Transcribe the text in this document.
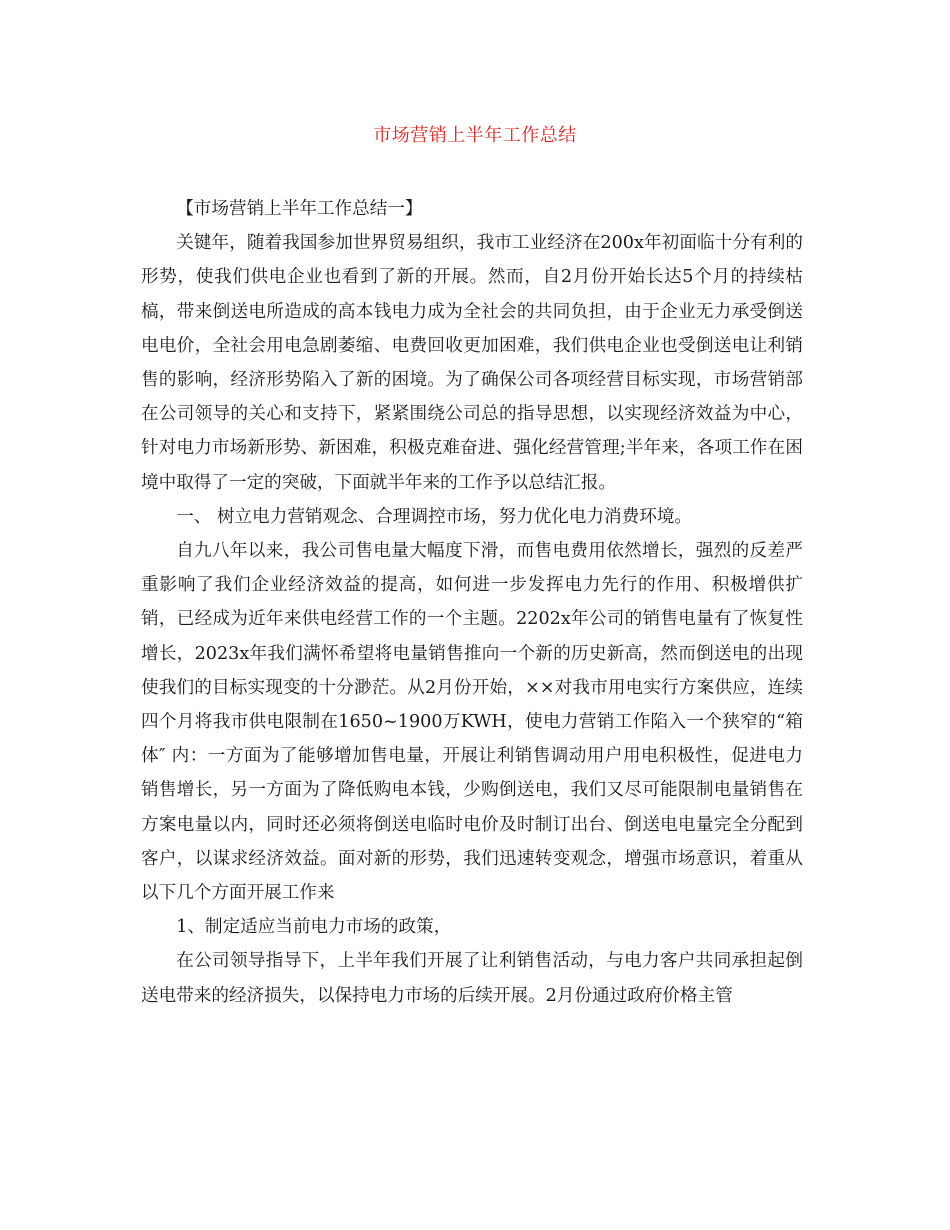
市场营销上半年工作总结

【市场营销上半年工作总结一】

关键年，随着我国参加世界贸易组织，我市工业经济在200x年初面临十分有利的形势，使我们供电企业也看到了新的开展。然而，自2月份开始长达5个月的持续枯槁，带来倒送电所造成的高本钱电力成为全社会的共同负担，由于企业无力承受倒送电电价，全社会用电急剧萎缩、电费回收更加困难，我们供电企业也受倒送电让利销售的影响，经济形势陷入了新的困境。为了确保公司各项经营目标实现，市场营销部在公司领导的关心和支持下，紧紧围绕公司总的指导思想，以实现经济效益为中心，针对电力市场新形势、新困难，积极克难奋进、强化经营管理;半年来，各项工作在困境中取得了一定的突破，下面就半年来的工作予以总结汇报。

一、 树立电力营销观念、合理调控市场，努力优化电力消费环境。

自九八年以来，我公司售电量大幅度下滑，而售电费用依然增长，强烈的反差严重影响了我们企业经济效益的提高，如何进一步发挥电力先行的作用、积极增供扩销，已经成为近年来供电经营工作的一个主题。2202x年公司的销售电量有了恢复性增长，2023x年我们满怀希望将电量销售推向一个新的历史新高，然而倒送电的出现使我们的目标实现变的十分渺茫。从2月份开始，××对我市用电实行方案供应，连续四个月将我市供电限制在1650~1900万KWH，使电力营销工作陷入一个狭窄的“箱体″ 内：一方面为了能够增加售电量，开展让利销售调动用户用电积极性，促进电力销售增长，另一方面为了降低购电本钱，少购倒送电，我们又尽可能限制电量销售在方案电量以内，同时还必须将倒送电临时电价及时制订出台、倒送电电量完全分配到客户，以谋求经济效益。面对新的形势，我们迅速转变观念，增强市场意识，着重从以下几个方面开展工作来

1、制定适应当前电力市场的政策，

在公司领导指导下，上半年我们开展了让利销售活动，与电力客户共同承担起倒送电带来的经济损失，以保持电力市场的后续开展。2月份通过政府价格主管
